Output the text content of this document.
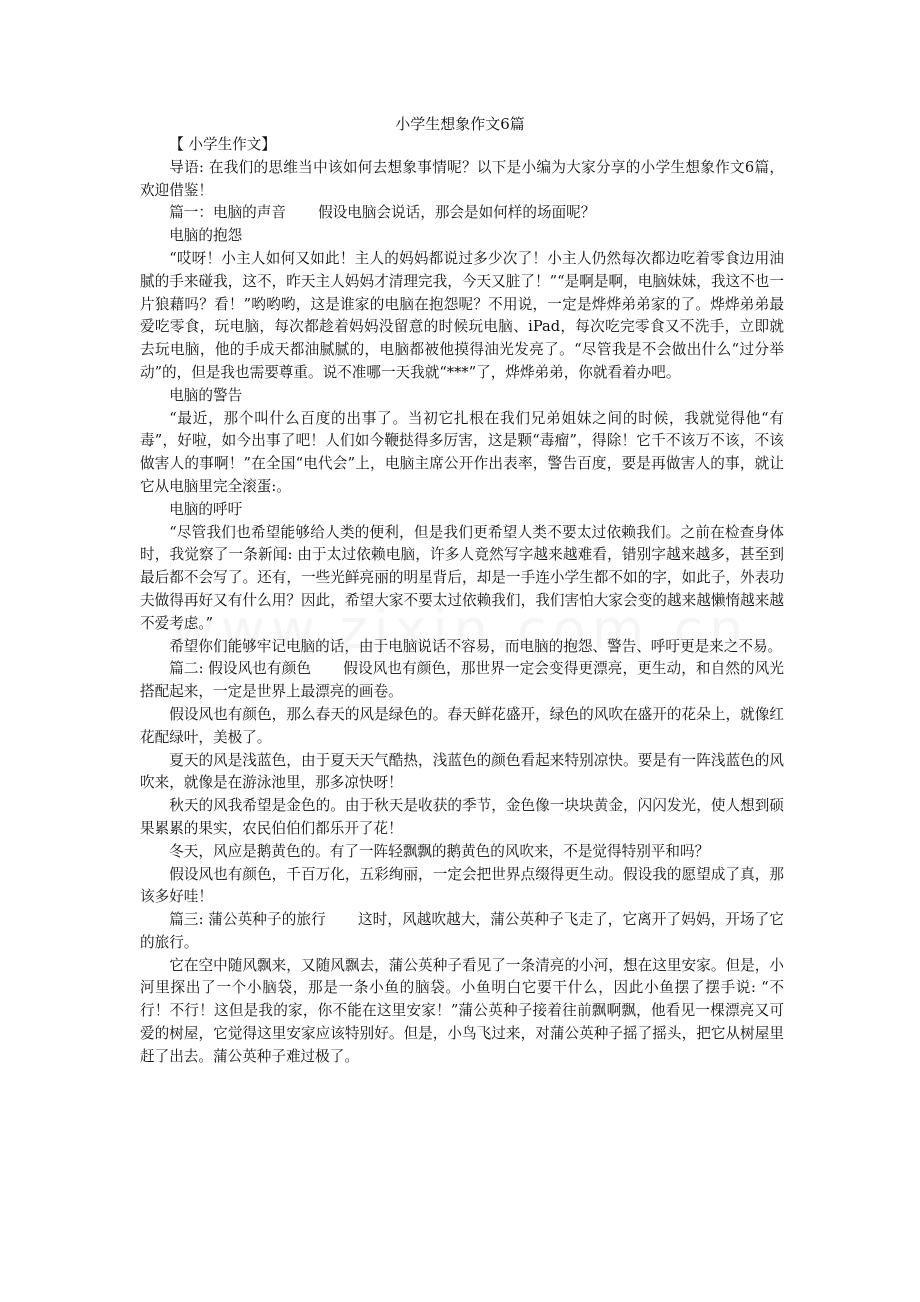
小学生想象作文6篇

【 小学生作文】

导语: 在我们的思维当中该如何去想象事情呢？以下是小编为大家分享的小学生想象作文6篇，欢迎借鉴！

篇一：电脑的声音 假设电脑会说话，那会是如何样的场面呢？

电脑的抱怨

“哎呀！小主人如何又如此！主人的妈妈都说过多少次了！小主人仍然每次都边吃着零食边用油腻的手来碰我，这不，昨天主人妈妈才清理完我，今天又脏了！”“是啊是啊，电脑妹妹，我这不也一片狼藉吗？看！”哟哟哟，这是谁家的电脑在抱怨呢？不用说，一定是烨烨弟弟家的了。烨烨弟弟最爱吃零食，玩电脑，每次都趁着妈妈没留意的时候玩电脑、iPad，每次吃完零食又不洗手，立即就去玩电脑，他的手成天都油腻腻的，电脑都被他摸得油光发亮了。“尽管我是不会做出什么“过分举动”的，但是我也需要尊重。说不准哪一天我就“***”了，烨烨弟弟，你就看着办吧。

电脑的警告

“最近，那个叫什么百度的出事了。当初它扎根在我们兄弟姐妹之间的时候，我就觉得他“有毒”，好啦，如今出事了吧！人们如今鞭挞得多厉害，这是颗“毒瘤”，得除！它千不该万不该，不该做害人的事啊！”在全国“电代会”上，电脑主席公开作出表率，警告百度，要是再做害人的事，就让它从电脑里完全滚蛋:。

电脑的呼吁

“尽管我们也希望能够给人类的便利，但是我们更希望人类不要太过依赖我们。之前在检查身体时，我觉察了一条新闻: 由于太过依赖电脑，许多人竟然写字越来越难看，错别字越来越多，甚至到最后都不会写了。还有，一些光鲜亮丽的明星背后，却是一手连小学生都不如的字，如此子，外表功夫做得再好又有什么用？因此，希望大家不要太过依赖我们，我们害怕大家会变的越来越懒惰越来越不爱考虑。”

希望你们能够牢记电脑的话，由于电脑说话不容易，而电脑的抱怨、警告、呼吁更是来之不易。

篇二: 假设风也有颜色 假设风也有颜色，那世界一定会变得更漂亮，更生动，和自然的风光搭配起来，一定是世界上最漂亮的画卷。

假设风也有颜色，那么春天的风是绿色的。春天鲜花盛开，绿色的风吹在盛开的花朵上，就像红花配绿叶，美极了。

夏天的风是浅蓝色，由于夏天天气酷热，浅蓝色的颜色看起来特别凉快。要是有一阵浅蓝色的风吹来，就像是在游泳池里，那多凉快呀！

秋天的风我希望是金色的。由于秋天是收获的季节，金色像一块块黄金，闪闪发光，使人想到硕果累累的果实，农民伯伯们都乐开了花！

冬天，风应是鹅黄色的。有了一阵轻飘飘的鹅黄色的风吹来，不是觉得特别平和吗？

假设风也有颜色，千百万化，五彩绚丽，一定会把世界点缀得更生动。假设我的愿望成了真，那该多好哇！

篇三: 蒲公英种子的旅行 这时，风越吹越大，蒲公英种子飞走了，它离开了妈妈，开场了它的旅行。

它在空中随风飘来，又随风飘去，蒲公英种子看见了一条清亮的小河，想在这里安家。但是，小河里探出了一个小脑袋，那是一条小鱼的脑袋。小鱼明白它要干什么，因此小鱼摆了摆手说: “不行！不行！这但是我的家，你不能在这里安家！”蒲公英种子接着往前飘啊飘，他看见一棵漂亮又可爱的树屋，它觉得这里安家应该特别好。但是，小鸟飞过来，对蒲公英种子摇了摇头，把它从树屋里赶了出去。蒲公英种子难过极了。
